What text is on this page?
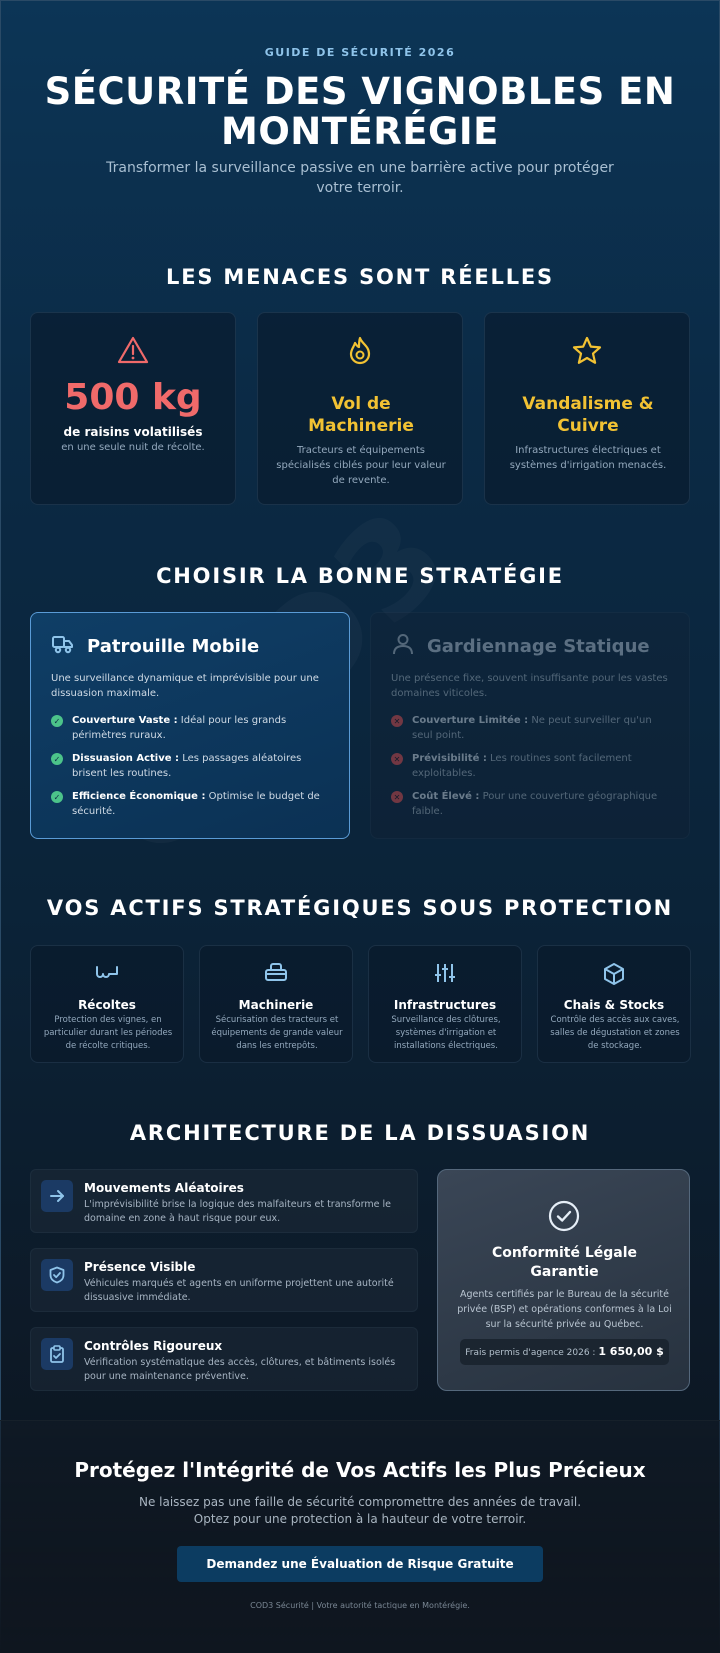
GUIDE DE SÉCURITÉ 2026
SÉCURITÉ DES VIGNOBLES EN
MONTÉRÉGIE
Transformer la surveillance passive en une barrière active pour protéger
votre terroir.
LES MENACES SONT RÉELLES
500 kg
de raisins volatilisés
en une seule nuit de récolte.
Vol de
Machinerie
Tracteurs et équipements
spécialisés ciblés pour leur valeur
de revente.
Vandalisme &
Cuivre
Infrastructures électriques et
systèmes d'irrigation menacés.
CHOISIR LA BONNE STRATÉGIE
Patrouille Mobile
Une surveillance dynamique et imprévisible pour une dissuasion maximale.
✓ Couverture Vaste : Idéal pour les grands périmètres ruraux.
✓ Dissuasion Active : Les passages aléatoires brisent les routines.
✓ Efficience Économique : Optimise le budget de sécurité.
Gardiennage Statique
Une présence fixe, souvent insuffisante pour les vastes domaines viticoles.
✕ Couverture Limitée : Ne peut surveiller qu'un seul point.
✕ Prévisibilité : Les routines sont facilement exploitables.
✕ Coût Élevé : Pour une couverture géographique faible.
VOS ACTIFS STRATÉGIQUES SOUS PROTECTION
Récoltes
Protection des vignes, en particulier durant les périodes de récolte critiques.
Machinerie
Sécurisation des tracteurs et équipements de grande valeur dans les entrepôts.
Infrastructures
Surveillance des clôtures, systèmes d'irrigation et installations électriques.
Chais & Stocks
Contrôle des accès aux caves, salles de dégustation et zones de stockage.
ARCHITECTURE DE LA DISSUASION
Mouvements Aléatoires
L'imprévisibilité brise la logique des malfaiteurs et transforme le domaine en zone à haut risque pour eux.
Présence Visible
Véhicules marqués et agents en uniforme projettent une autorité dissuasive immédiate.
Contrôles Rigoureux
Vérification systématique des accès, clôtures, et bâtiments isolés pour une maintenance préventive.
Conformité Légale
Garantie
Agents certifiés par le Bureau de la sécurité privée (BSP) et opérations conformes à la Loi sur la sécurité privée au Québec.
Frais permis d'agence 2026 : 1 650,00 $
Protégez l'Intégrité de Vos Actifs les Plus Précieux
Ne laissez pas une faille de sécurité compromettre des années de travail.
Optez pour une protection à la hauteur de votre terroir.
Demandez une Évaluation de Risque Gratuite
COD3 Sécurité | Votre autorité tactique en Montérégie.
